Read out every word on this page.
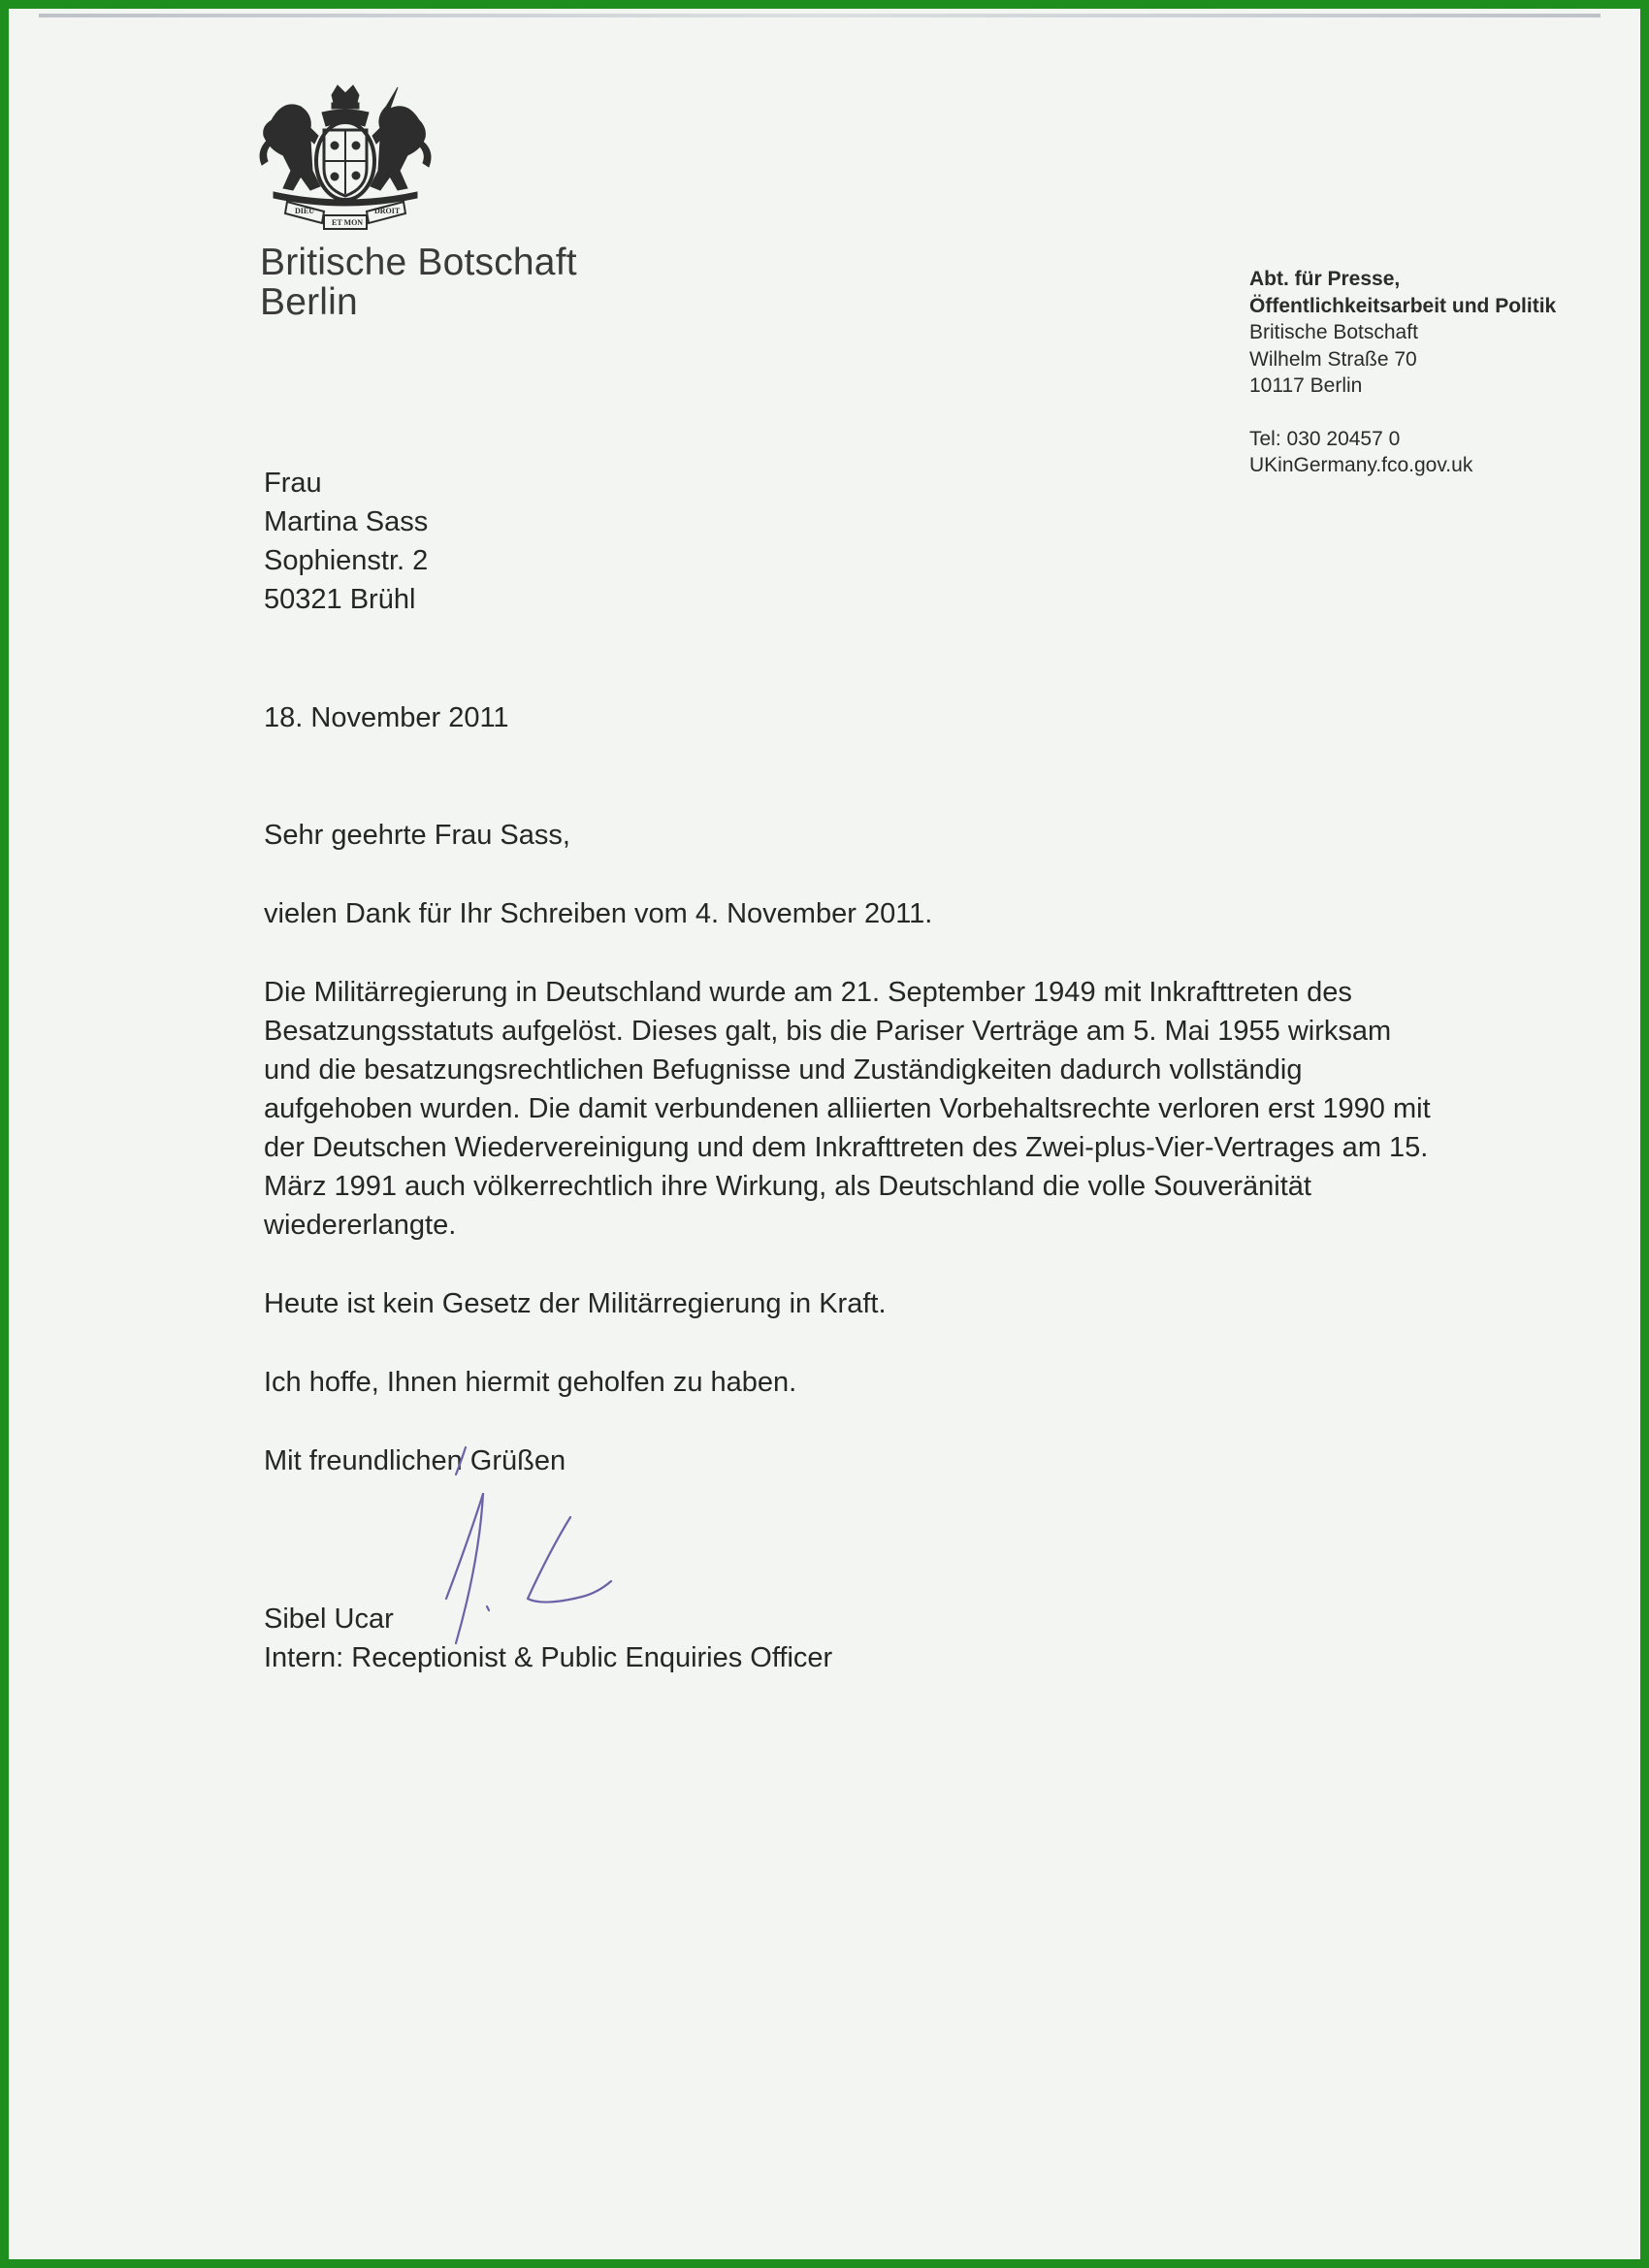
DIEU
ET MON
DROIT
Britische Botschaft
Berlin
Abt. für Presse,
Öffentlichkeitsarbeit und Politik
Britische Botschaft
Wilhelm Straße 70
10117 Berlin
Tel: 030 20457 0
UKinGermany.fco.gov.uk
Frau
Martina Sass
Sophienstr. 2
50321 Brühl
18. November 2011

Sehr geehrte Frau Sass,

vielen Dank für Ihr Schreiben vom 4. November 2011.

Die Militärregierung in Deutschland wurde am 21. September 1949 mit Inkrafttreten des
Besatzungsstatuts aufgelöst. Dieses galt, bis die Pariser Verträge am 5. Mai 1955 wirksam
und die besatzungsrechtlichen Befugnisse und Zuständigkeiten dadurch vollständig
aufgehoben wurden. Die damit verbundenen alliierten Vorbehaltsrechte verloren erst 1990 mit
der Deutschen Wiedervereinigung und dem Inkrafttreten des Zwei-plus-Vier-Vertrages am 15.
März 1991 auch völkerrechtlich ihre Wirkung, als Deutschland die volle Souveränität
wiedererlangte.

Heute ist kein Gesetz der Militärregierung in Kraft.

Ich hoffe, Ihnen hiermit geholfen zu haben.

Mit freundlichen Grüßen

Sibel Ucar
Intern: Receptionist & Public Enquiries Officer
